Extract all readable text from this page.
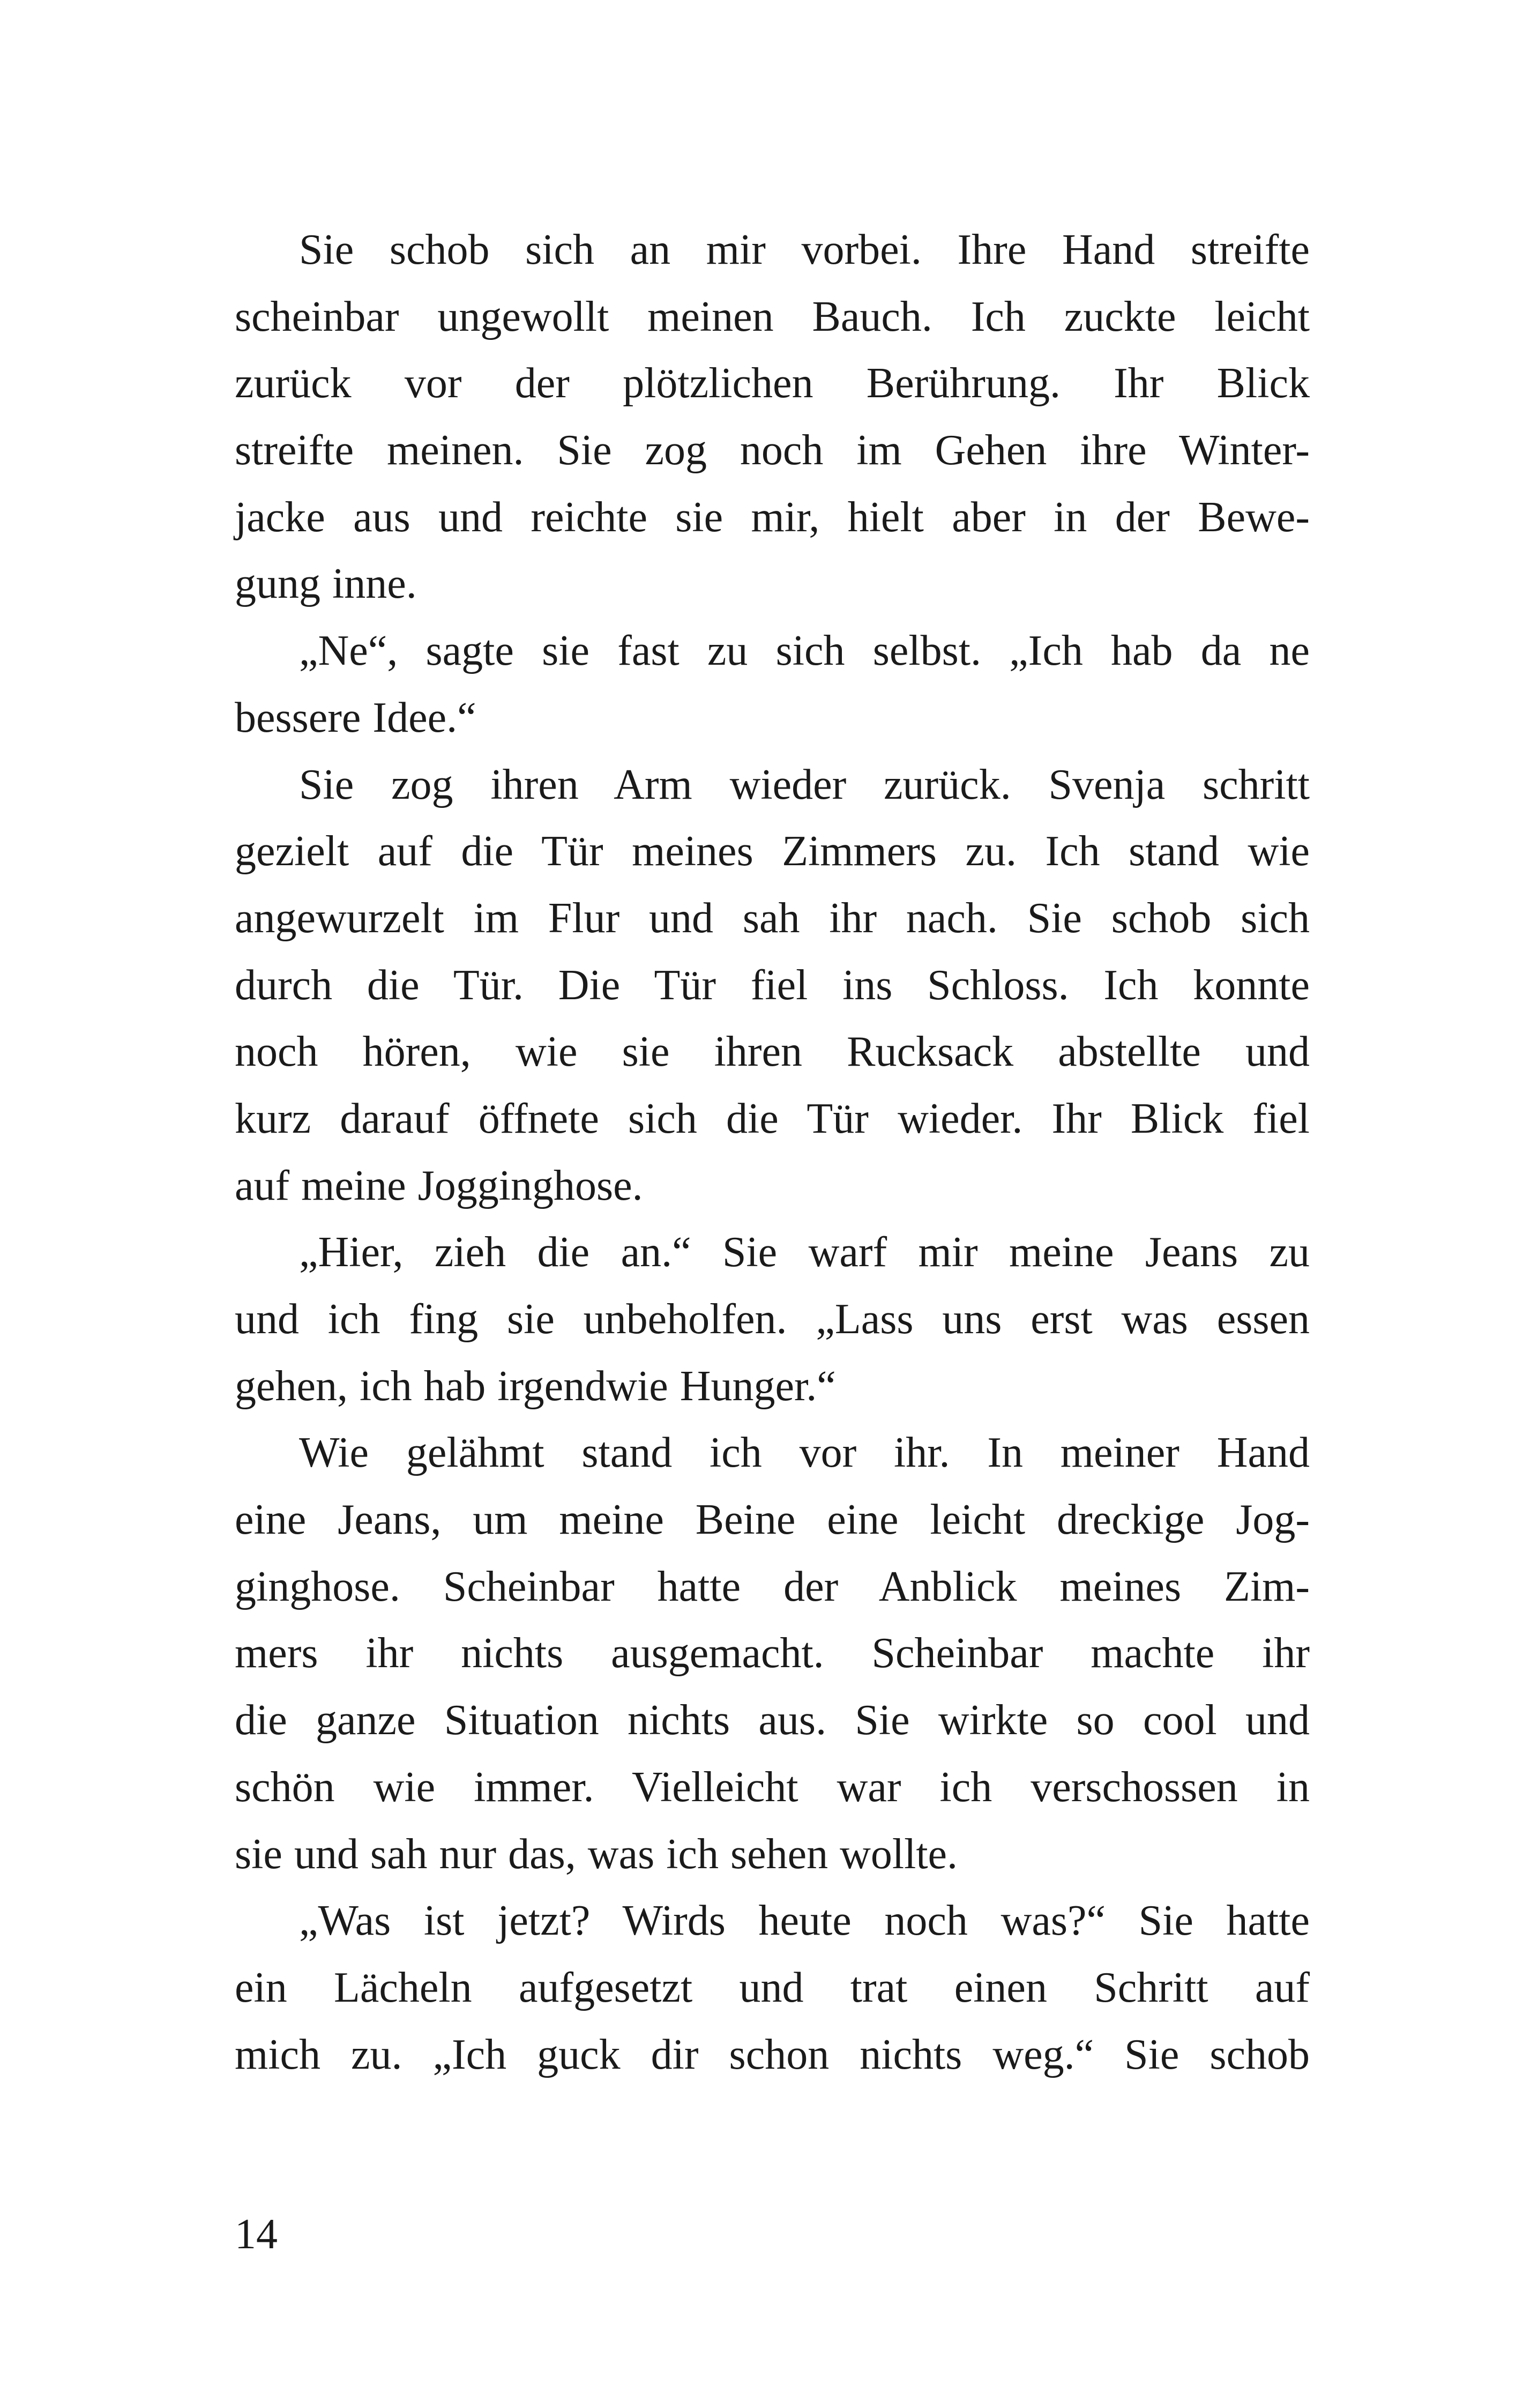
Sie schob sich an mir vorbei. Ihre Hand streifte
scheinbar ungewollt meinen Bauch. Ich zuckte leicht
zurück vor der plötzlichen Berührung. Ihr Blick
streifte meinen. Sie zog noch im Gehen ihre Winter-
jacke aus und reichte sie mir, hielt aber in der Bewe-
gung inne.
„Ne“, sagte sie fast zu sich selbst. „Ich hab da ne
bessere Idee.“
Sie zog ihren Arm wieder zurück. Svenja schritt
gezielt auf die Tür meines Zimmers zu. Ich stand wie
angewurzelt im Flur und sah ihr nach. Sie schob sich
durch die Tür. Die Tür fiel ins Schloss. Ich konnte
noch hören, wie sie ihren Rucksack abstellte und
kurz darauf öffnete sich die Tür wieder. Ihr Blick fiel
auf meine Jogginghose.
„Hier, zieh die an.“ Sie warf mir meine Jeans zu
und ich fing sie unbeholfen. „Lass uns erst was essen
gehen, ich hab irgendwie Hunger.“
Wie gelähmt stand ich vor ihr. In meiner Hand
eine Jeans, um meine Beine eine leicht dreckige Jog-
ginghose. Scheinbar hatte der Anblick meines Zim-
mers ihr nichts ausgemacht. Scheinbar machte ihr
die ganze Situation nichts aus. Sie wirkte so cool und
schön wie immer. Vielleicht war ich verschossen in
sie und sah nur das, was ich sehen wollte.
„Was ist jetzt? Wirds heute noch was?“ Sie hatte
ein Lächeln aufgesetzt und trat einen Schritt auf
mich zu. „Ich guck dir schon nichts weg.“ Sie schob
14
